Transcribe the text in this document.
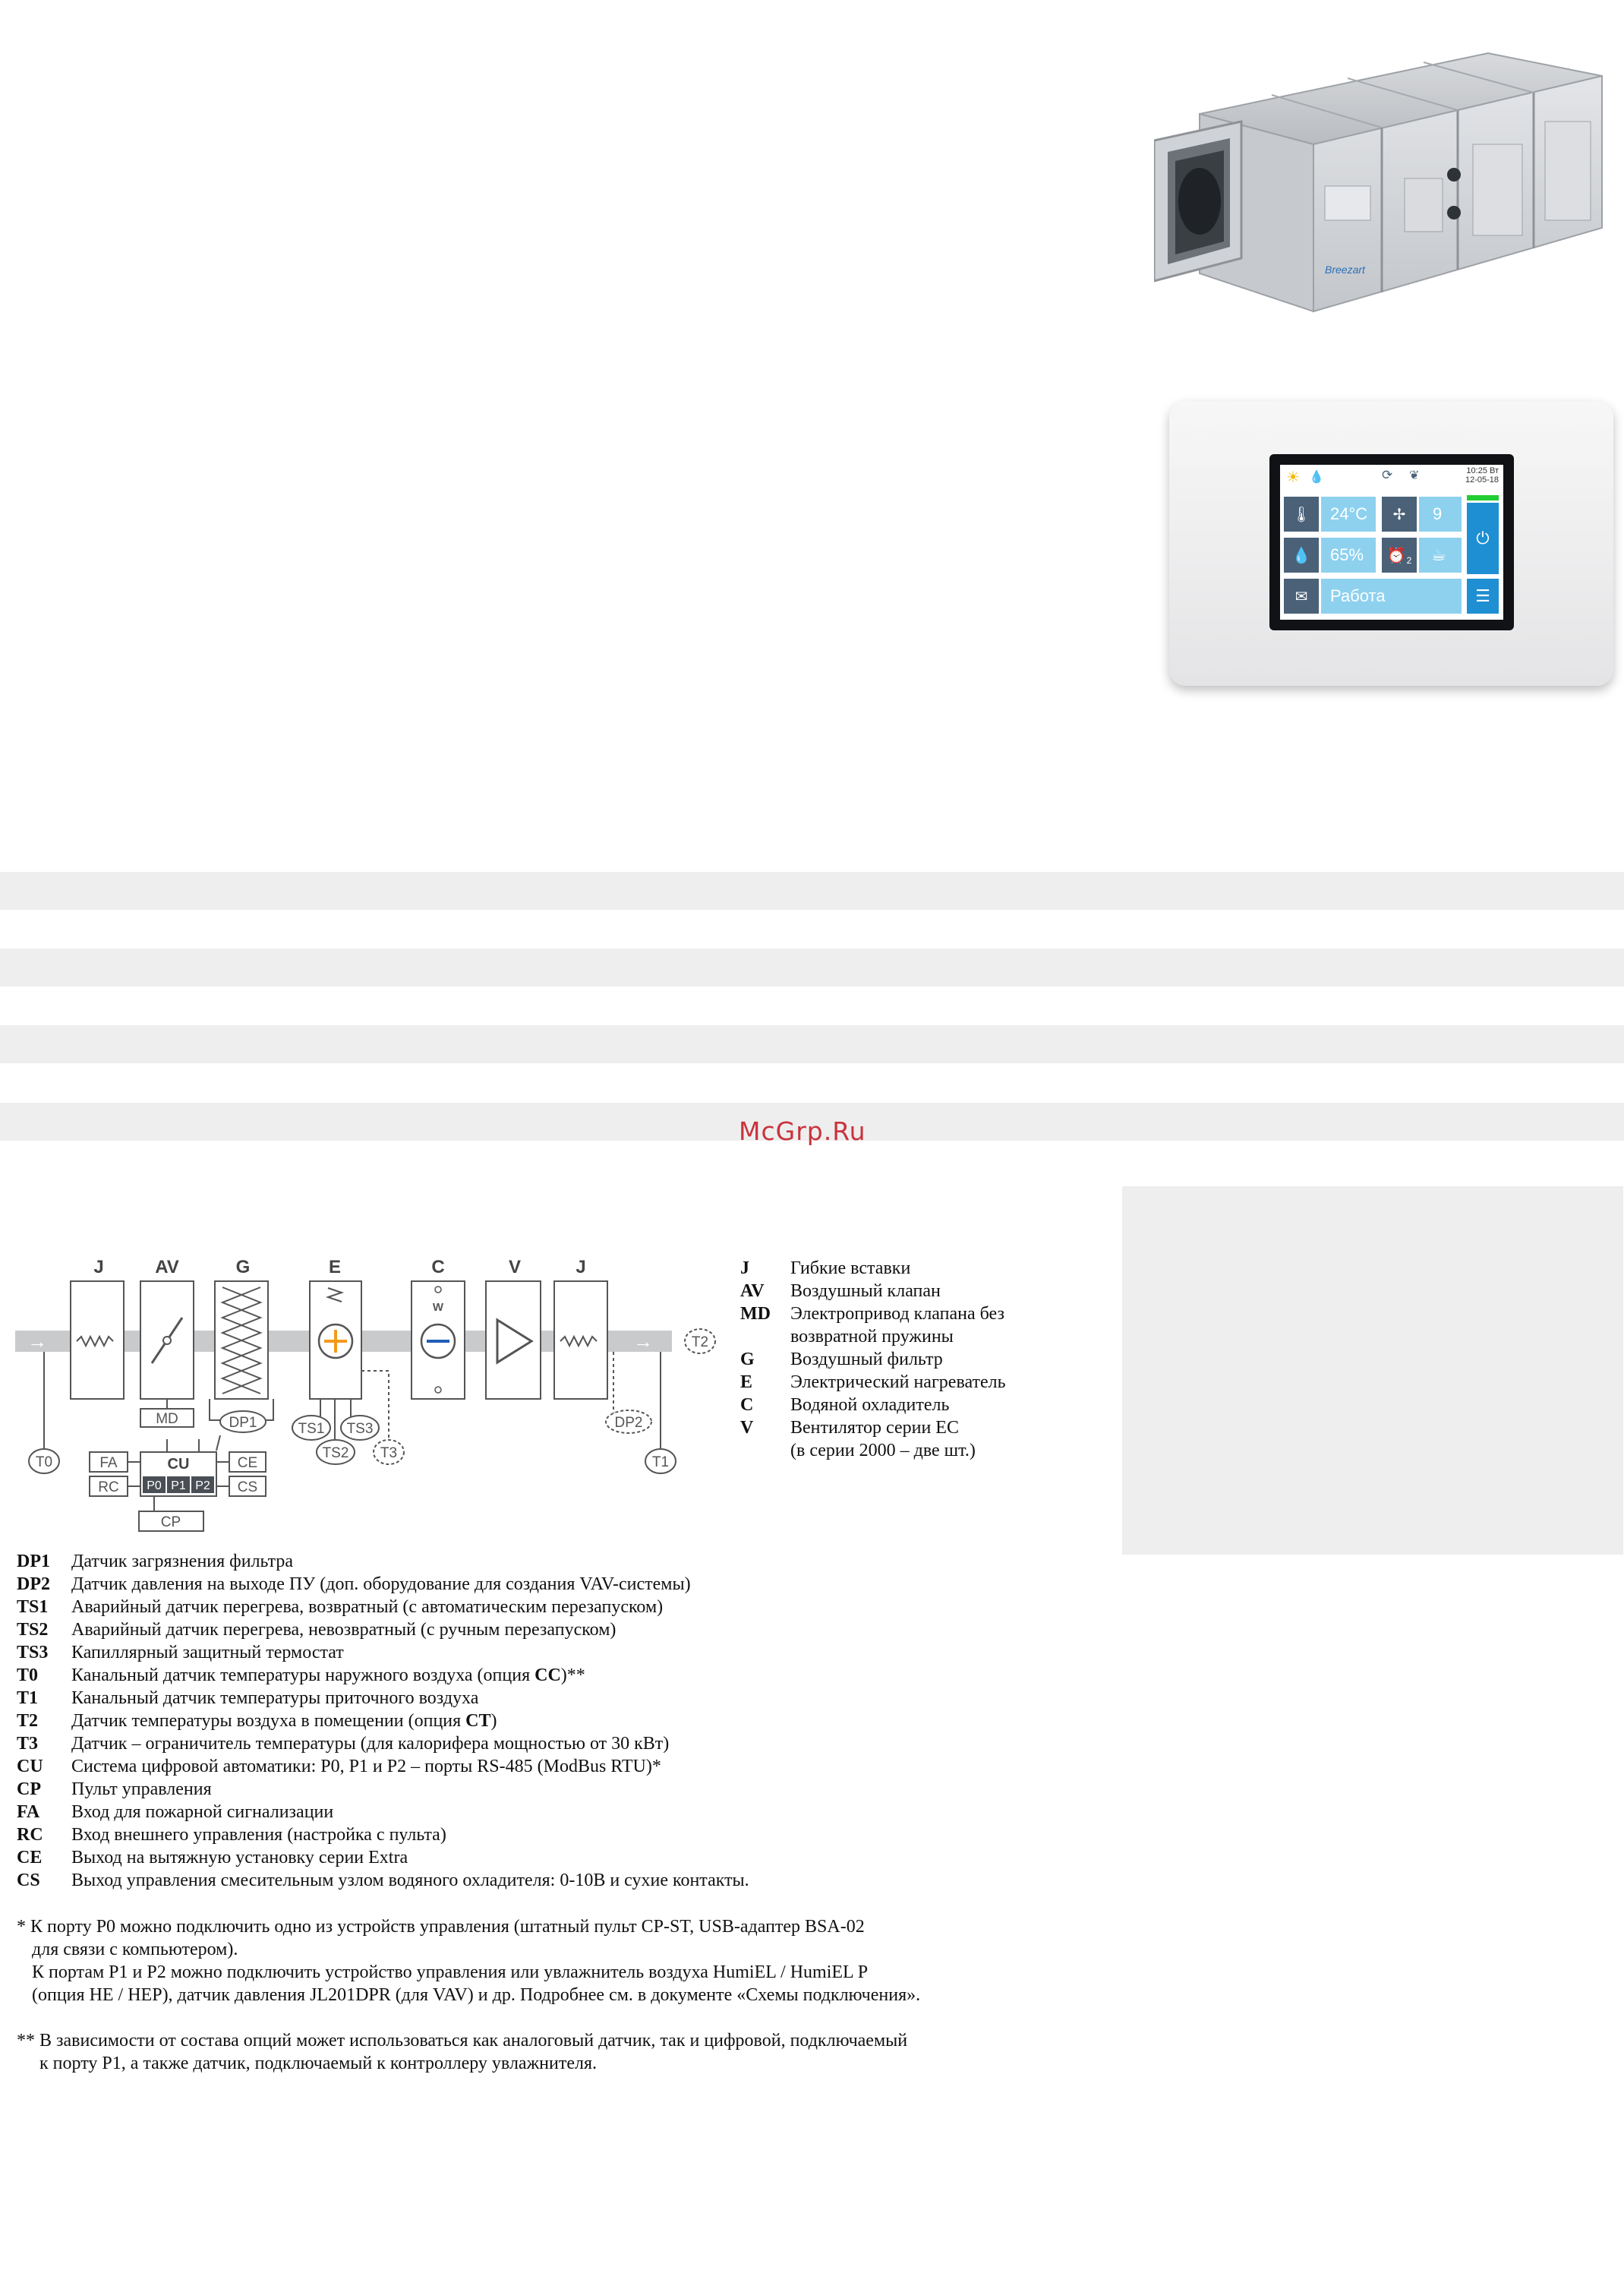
Breezart
☀ 💧	⟳ ❦	10:25 Вт
12-05-18
🌡	24°C	✢	9
⏻
💧	65%	⏰ 2	☕
✉	Работа	☰
McGrp.Ru
→	→
J	AV	G	E	C	V	J
MD	DP1	TS1 TS3
TS2 T3
W
DP2
T1
T2
T0	FA
RC
CU
P0 P1 P2
CE
CS
CP
J Гибкие вставки
AV Воздушный клапан
MD Электропривод клапана без
возвратной пружины
G Воздушный фильтр
E Электрический нагреватель
C Водяной охладитель
V Вентилятор серии EC
(в серии 2000 – две шт.)
DP1 Датчик загрязнения фильтра
DP2 Датчик давления на выходе ПУ (доп. оборудование для создания VAV-системы)
TS1 Аварийный датчик перегрева, возвратный (с автоматическим перезапуском)
TS2 Аварийный датчик перегрева, невозвратный (с ручным перезапуском)
TS3 Капиллярный защитный термостат
T0 Канальный датчик температуры наружного воздуха (опция CC)**
T1 Канальный датчик температуры приточного воздуха
T2 Датчик температуры воздуха в помещении (опция CT)
T3 Датчик – ограничитель температуры (для калорифера мощностью от 30 кВт)
CU Система цифровой автоматики: P0, P1 и P2 – порты RS-485 (ModBus RTU)*
CP Пульт управления
FA Вход для пожарной сигнализации
RC Вход внешнего управления (настройка с пульта)
CE Выход на вытяжную установку серии Extra
CS Выход управления смесительным узлом водяного охладителя: 0-10В и сухие контакты.
* К порту P0 можно подключить одно из устройств управления (штатный пульт CP-ST, USB-адаптер BSA-02
для связи с компьютером).
К портам P1 и P2 можно подключить устройство управления или увлажнитель воздуха HumiEL / HumiEL P
(опция HE / HEP), датчик давления JL201DPR (для VAV) и др. Подробнее см. в документе «Схемы подключения».
** В зависимости от состава опций может использоваться как аналоговый датчик, так и цифровой, подключаемый
к порту P1, а также датчик, подключаемый к контроллеру увлажнителя.
